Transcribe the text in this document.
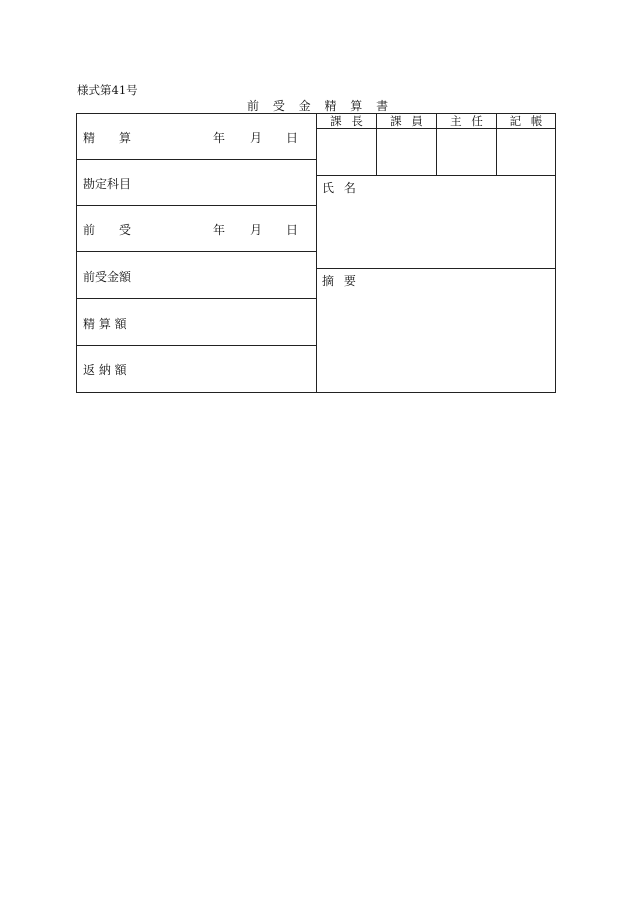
様式第41号
前 受 金 精 算 書
精　　算	年 月 日
勘定科目
前　　受	年 月 日
前受金額
精 算 額
返 納 額
課 長	課 員	主 任	記 帳
氏 名
摘 要
